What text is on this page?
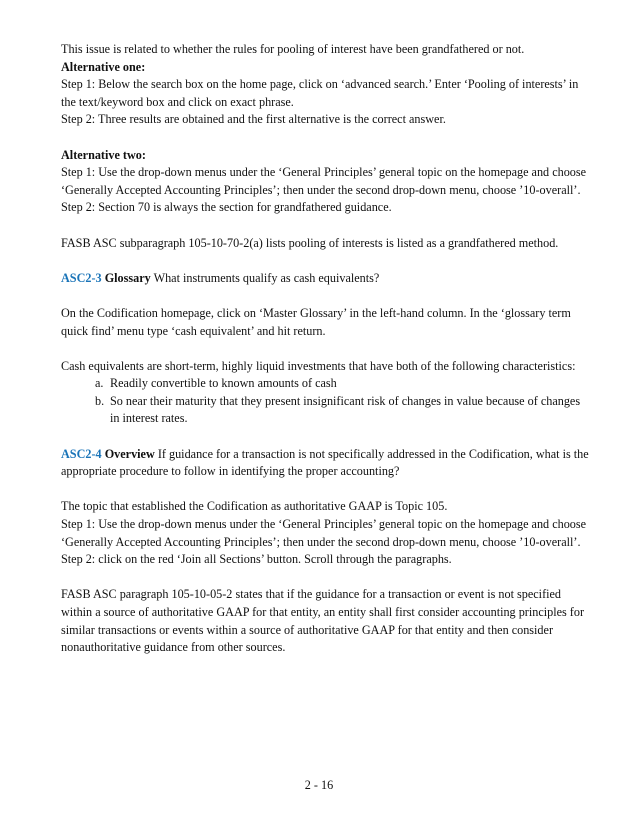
This issue is related to whether the rules for pooling of interest have been grandfathered or not.

Alternative one:

Step 1: Below the search box on the home page, click on ‘advanced search.’ Enter ‘Pooling of interests’ in the text/keyword box and click on exact phrase.

Step 2: Three results are obtained and the first alternative is the correct answer.

Alternative two:

Step 1: Use the drop-down menus under the ‘General Principles’ general topic on the homepage and choose ‘Generally Accepted Accounting Principles’; then under the second drop-down menu, choose ’10-overall’.

Step 2: Section 70 is always the section for grandfathered guidance.

FASB ASC subparagraph 105-10-70-2(a) lists pooling of interests is listed as a grandfathered method.

ASC2-3 Glossary What instruments qualify as cash equivalents?

On the Codification homepage, click on ‘Master Glossary’ in the left-hand column. In the ‘glossary term quick find’ menu type ‘cash equivalent’ and hit return.

Cash equivalents are short-term, highly liquid investments that have both of the following characteristics:

a. Readily convertible to known amounts of cash
b. So near their maturity that they present insignificant risk of changes in value because of changes in interest rates.

ASC2-4 Overview If guidance for a transaction is not specifically addressed in the Codification, what is the appropriate procedure to follow in identifying the proper accounting?

The topic that established the Codification as authoritative GAAP is Topic 105.

Step 1: Use the drop-down menus under the ‘General Principles’ general topic on the homepage and choose ‘Generally Accepted Accounting Principles’; then under the second drop-down menu, choose ’10-overall’.

Step 2: click on the red ‘Join all Sections’ button. Scroll through the paragraphs.

FASB ASC paragraph 105-10-05-2 states that if the guidance for a transaction or event is not specified within a source of authoritative GAAP for that entity, an entity shall first consider accounting principles for similar transactions or events within a source of authoritative GAAP for that entity and then consider nonauthoritative guidance from other sources.

2 - 16
